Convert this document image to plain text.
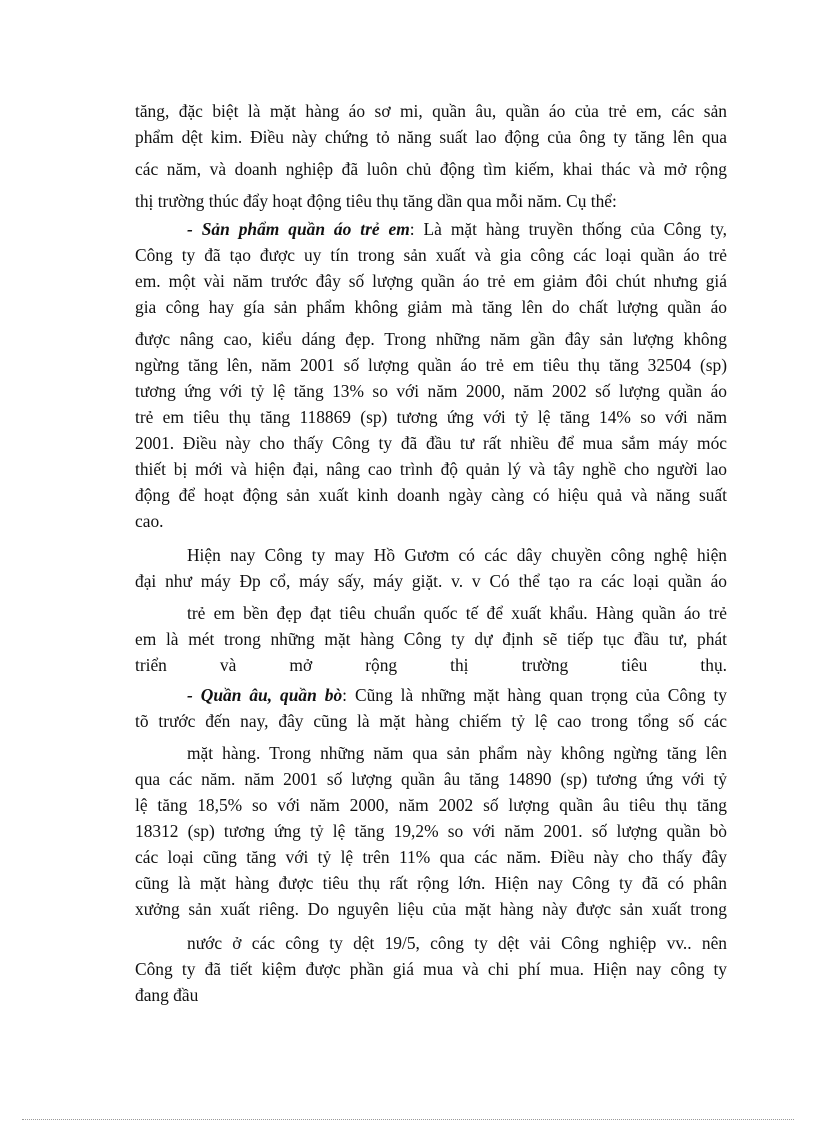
tăng, đặc biệt là mặt hàng áo sơ mi, quần âu, quần áo của trẻ em, các sản
phẩm dệt kim. Điều này chứng tỏ năng suất lao động của ông ty tăng lên qua
các năm, và doanh nghiệp đã luôn chủ động tìm kiếm, khai thác và mở rộng
thị trường thúc đẩy hoạt động tiêu thụ tăng dần qua mỗi năm. Cụ thể:
- Sản phẩm quần áo trẻ em: Là mặt hàng truyền thống của Công ty,
Công ty đã tạo được uy tín trong sản xuất và gia công các loại quần áo trẻ
em. một vài năm trước đây số lượng quần áo trẻ em giảm đôi chút nhưng giá
gia công hay gía sản phẩm không giảm mà tăng lên do chất lượng quần áo
được nâng cao, kiểu dáng đẹp. Trong những năm gần đây sản lượng không
ngừng tăng lên, năm 2001 số lượng quần áo trẻ em tiêu thụ tăng 32504 (sp)
tương ứng với tỷ lệ tăng 13% so với năm 2000, năm 2002 số lượng quần áo
trẻ em tiêu thụ tăng 118869 (sp) tương ứng với tỷ lệ tăng 14% so với năm
2001. Điều này cho thấy Công ty đã đầu tư rất nhiều để mua sắm máy móc
thiết bị mới và hiện đại, nâng cao trình độ quản lý và tây nghề cho người lao
động để hoạt động sản xuất kinh doanh ngày càng có hiệu quả và năng suất
cao.
Hiện nay Công ty may Hồ Gươm có các dây chuyền công nghệ hiện
đại như máy Đp cổ, máy sấy, máy giặt. v. v Có thể tạo ra các loại quần áo
trẻ em bền đẹp đạt tiêu chuẩn quốc tế để xuất khẩu. Hàng quần áo trẻ
em là mét trong những mặt hàng Công ty dự định sẽ tiếp tục đầu tư, phát
triển và mở rộng thị trường tiêu thụ.
- Quần âu, quần bò: Cũng là những mặt hàng quan trọng của Công ty
tõ trước đến nay, đây cũng là mặt hàng chiếm tỷ lệ cao trong tổng số các
mặt hàng. Trong những năm qua sản phẩm này không ngừng tăng lên
qua các năm. năm 2001 số lượng quần âu tăng 14890 (sp) tương ứng với tỷ
lệ tăng 18,5% so với năm 2000, năm 2002 số lượng quần âu tiêu thụ tăng
18312 (sp) tương ứng tỷ lệ tăng 19,2% so với năm 2001. số lượng quần bò
các loại cũng tăng với tỷ lệ trên 11% qua các năm. Điều này cho thấy đây
cũng là mặt hàng được tiêu thụ rất rộng lớn. Hiện nay Công ty đã có phân
xưởng sản xuất riêng. Do nguyên liệu của mặt hàng này được sản xuất trong
nước ở các công ty dệt 19/5, công ty dệt vải Công nghiệp vv.. nên
Công ty đã tiết kiệm được phần giá mua và chi phí mua. Hiện nay công ty
đang đầu
